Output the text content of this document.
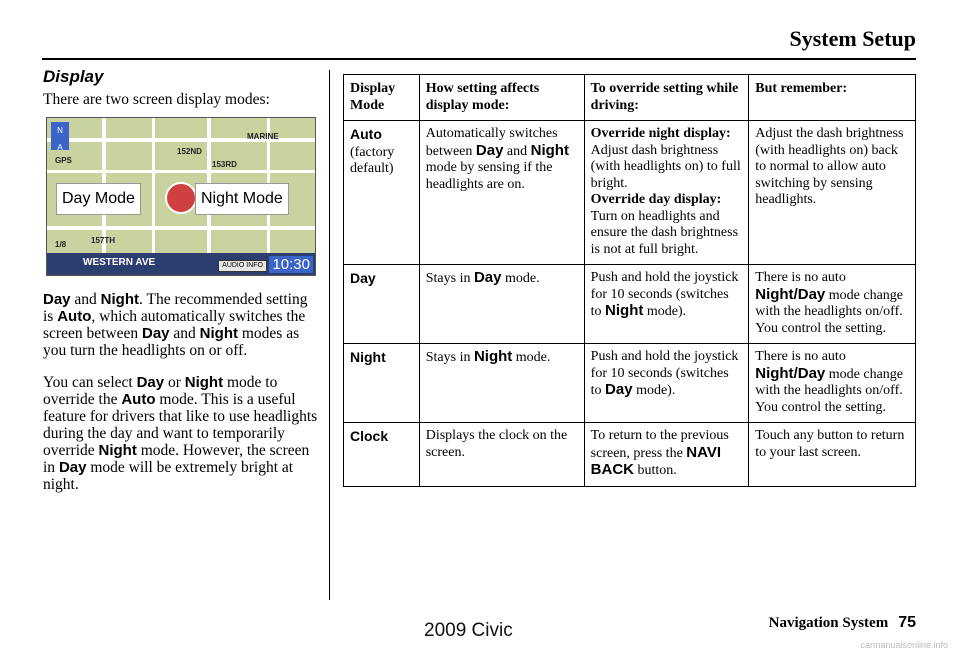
System Setup
Display

There are two screen display modes:

N
A
MARINE
152ND
153RD
157TH
GPS
1/8
Day Mode	Night Mode
WESTERN AVE	AUDIO INFO 10:30

Day and Night. The recommended setting is Auto, which automatically switches the screen between Day and Night modes as you turn the headlights on or off.

You can select Day or Night mode to override the Auto mode. This is a useful feature for drivers that like to use headlights during the day and want to temporarily override Night mode. However, the screen in Day mode will be extremely bright at night.

Display Mode	How setting affects display mode:	To override setting while driving:	But remember:
Auto
(factory default)	Automatically switches between Day and Night mode by sensing if the headlights are on.	Override night display:
Adjust dash brightness (with headlights on) to full bright.
Override day display:
Turn on headlights and ensure the dash brightness is not at full bright.	Adjust the dash brightness (with headlights on) back to normal to allow auto switching by sensing headlights.
Day	Stays in Day mode.	Push and hold the joystick for 10 seconds (switches to Night mode).	There is no auto Night/Day mode change with the headlights on/off. You control the setting.
Night	Stays in Night mode.	Push and hold the joystick for 10 seconds (switches to Day mode).	There is no auto Night/Day mode change with the headlights on/off. You control the setting.
Clock	Displays the clock on the screen.	To return to the previous screen, press the NAVI BACK button.	Touch any button to return to your last screen.
Navigation System 75
2009 Civic
carmanualsonline.info
